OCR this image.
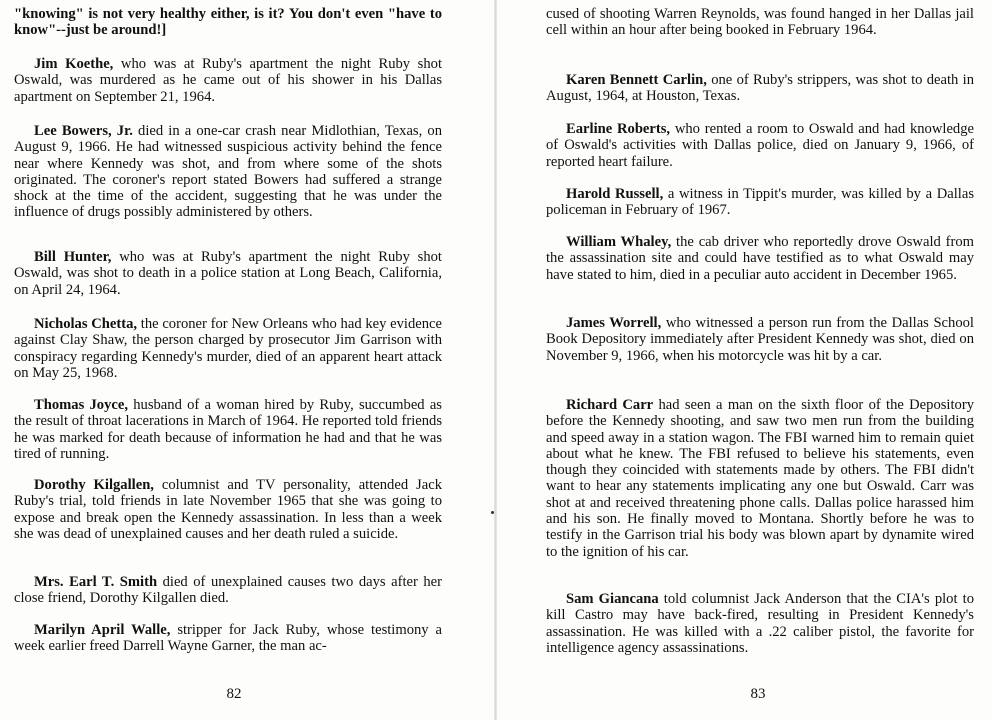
"knowing" is not very healthy either, is it? You don't even "have to know"--just be around!]
Jim Koethe, who was at Ruby's apartment the night Ruby shot Oswald, was murdered as he came out of his shower in his Dallas apartment on September 21, 1964.
Lee Bowers, Jr. died in a one-car crash near Midlothian, Texas, on August 9, 1966. He had witnessed suspicious activity behind the fence near where Kennedy was shot, and from where some of the shots originated. The coroner's report stated Bowers had suffered a strange shock at the time of the accident, suggesting that he was under the influence of drugs possibly administered by others.
Bill Hunter, who was at Ruby's apartment the night Ruby shot Oswald, was shot to death in a police station at Long Beach, California, on April 24, 1964.
Nicholas Chetta, the coroner for New Orleans who had key evidence against Clay Shaw, the person charged by prosecutor Jim Garrison with conspiracy regarding Kennedy's murder, died of an apparent heart attack on May 25, 1968.
Thomas Joyce, husband of a woman hired by Ruby, succumbed as the result of throat lacerations in March of 1964. He reported told friends he was marked for death because of information he had and that he was tired of running.
Dorothy Kilgallen, columnist and TV personality, attended Jack Ruby's trial, told friends in late November 1965 that she was going to expose and break open the Kennedy assassination. In less than a week she was dead of unexplained causes and her death ruled a suicide.
Mrs. Earl T. Smith died of unexplained causes two days after her close friend, Dorothy Kilgallen died.
Marilyn April Walle, stripper for Jack Ruby, whose testimony a week earlier freed Darrell Wayne Garner, the man ac-
82
cused of shooting Warren Reynolds, was found hanged in her Dallas jail cell within an hour after being booked in February 1964.
Karen Bennett Carlin, one of Ruby's strippers, was shot to death in August, 1964, at Houston, Texas.
Earline Roberts, who rented a room to Oswald and had knowledge of Oswald's activities with Dallas police, died on January 9, 1966, of reported heart failure.
Harold Russell, a witness in Tippit's murder, was killed by a Dallas policeman in February of 1967.
William Whaley, the cab driver who reportedly drove Oswald from the assassination site and could have testified as to what Oswald may have stated to him, died in a peculiar auto accident in December 1965.
James Worrell, who witnessed a person run from the Dallas School Book Depository immediately after President Kennedy was shot, died on November 9, 1966, when his motorcycle was hit by a car.
Richard Carr had seen a man on the sixth floor of the Depository before the Kennedy shooting, and saw two men run from the building and speed away in a station wagon. The FBI warned him to remain quiet about what he knew. The FBI refused to believe his statements, even though they coincided with statements made by others. The FBI didn't want to hear any statements implicating any one but Oswald. Carr was shot at and received threatening phone calls. Dallas police harassed him and his son. He finally moved to Montana. Shortly before he was to testify in the Garrison trial his body was blown apart by dynamite wired to the ignition of his car.
Sam Giancana told columnist Jack Anderson that the CIA's plot to kill Castro may have back-fired, resulting in President Kennedy's assassination. He was killed with a .22 caliber pistol, the favorite for intelligence agency assassinations.
83
